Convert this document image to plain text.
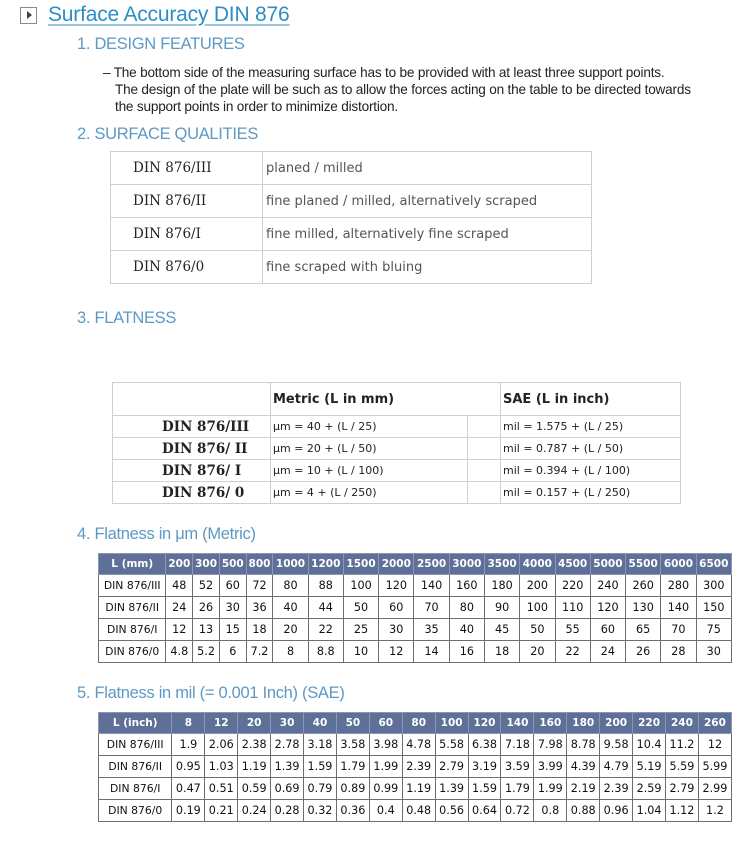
Surface Accuracy DIN 876
1. DESIGN FEATURES
– The bottom side of the measuring surface has to be provided with at least three support points.
The design of the plate will be such as to allow the forces acting on the table to be directed towards
the support points in order to minimize distortion.
2. SURFACE QUALITIES
DIN 876/III	planed / milled
DIN 876/II	fine planed / milled, alternatively scraped
DIN 876/I	fine milled, alternatively fine scraped
DIN 876/0	fine scraped with bluing
3. FLATNESS
	Metric (L in mm)		SAE (L in inch)
DIN 876/III	μm = 40 + (L / 25)		mil = 1.575 + (L / 25)
DIN 876/ II	μm = 20 + (L / 50)		mil = 0.787 + (L / 50)
DIN 876/ I	μm = 10 + (L / 100)		mil = 0.394 + (L / 100)
DIN 876/ 0	μm = 4 + (L / 250)		mil = 0.157 + (L / 250)
4. Flatness in μm (Metric)
L (mm)	200	300	500	800	1000	1200	1500	2000	2500	3000	3500	4000	4500	5000	5500	6000	6500
DIN 876/III	48	52	60	72	80	88	100	120	140	160	180	200	220	240	260	280	300
DIN 876/II	24	26	30	36	40	44	50	60	70	80	90	100	110	120	130	140	150
DIN 876/I	12	13	15	18	20	22	25	30	35	40	45	50	55	60	65	70	75
DIN 876/0	4.8	5.2	6	7.2	8	8.8	10	12	14	16	18	20	22	24	26	28	30
5. Flatness in mil (= 0.001 Inch) (SAE)
L (inch)	8	12	20	30	40	50	60	80	100	120	140	160	180	200	220	240	260
DIN 876/III	1.9	2.06	2.38	2.78	3.18	3.58	3.98	4.78	5.58	6.38	7.18	7.98	8.78	9.58	10.4	11.2	12
DIN 876/II	0.95	1.03	1.19	1.39	1.59	1.79	1.99	2.39	2.79	3.19	3.59	3.99	4.39	4.79	5.19	5.59	5.99
DIN 876/I	0.47	0.51	0.59	0.69	0.79	0.89	0.99	1.19	1.39	1.59	1.79	1.99	2.19	2.39	2.59	2.79	2.99
DIN 876/0	0.19	0.21	0.24	0.28	0.32	0.36	0.4	0.48	0.56	0.64	0.72	0.8	0.88	0.96	1.04	1.12	1.2
